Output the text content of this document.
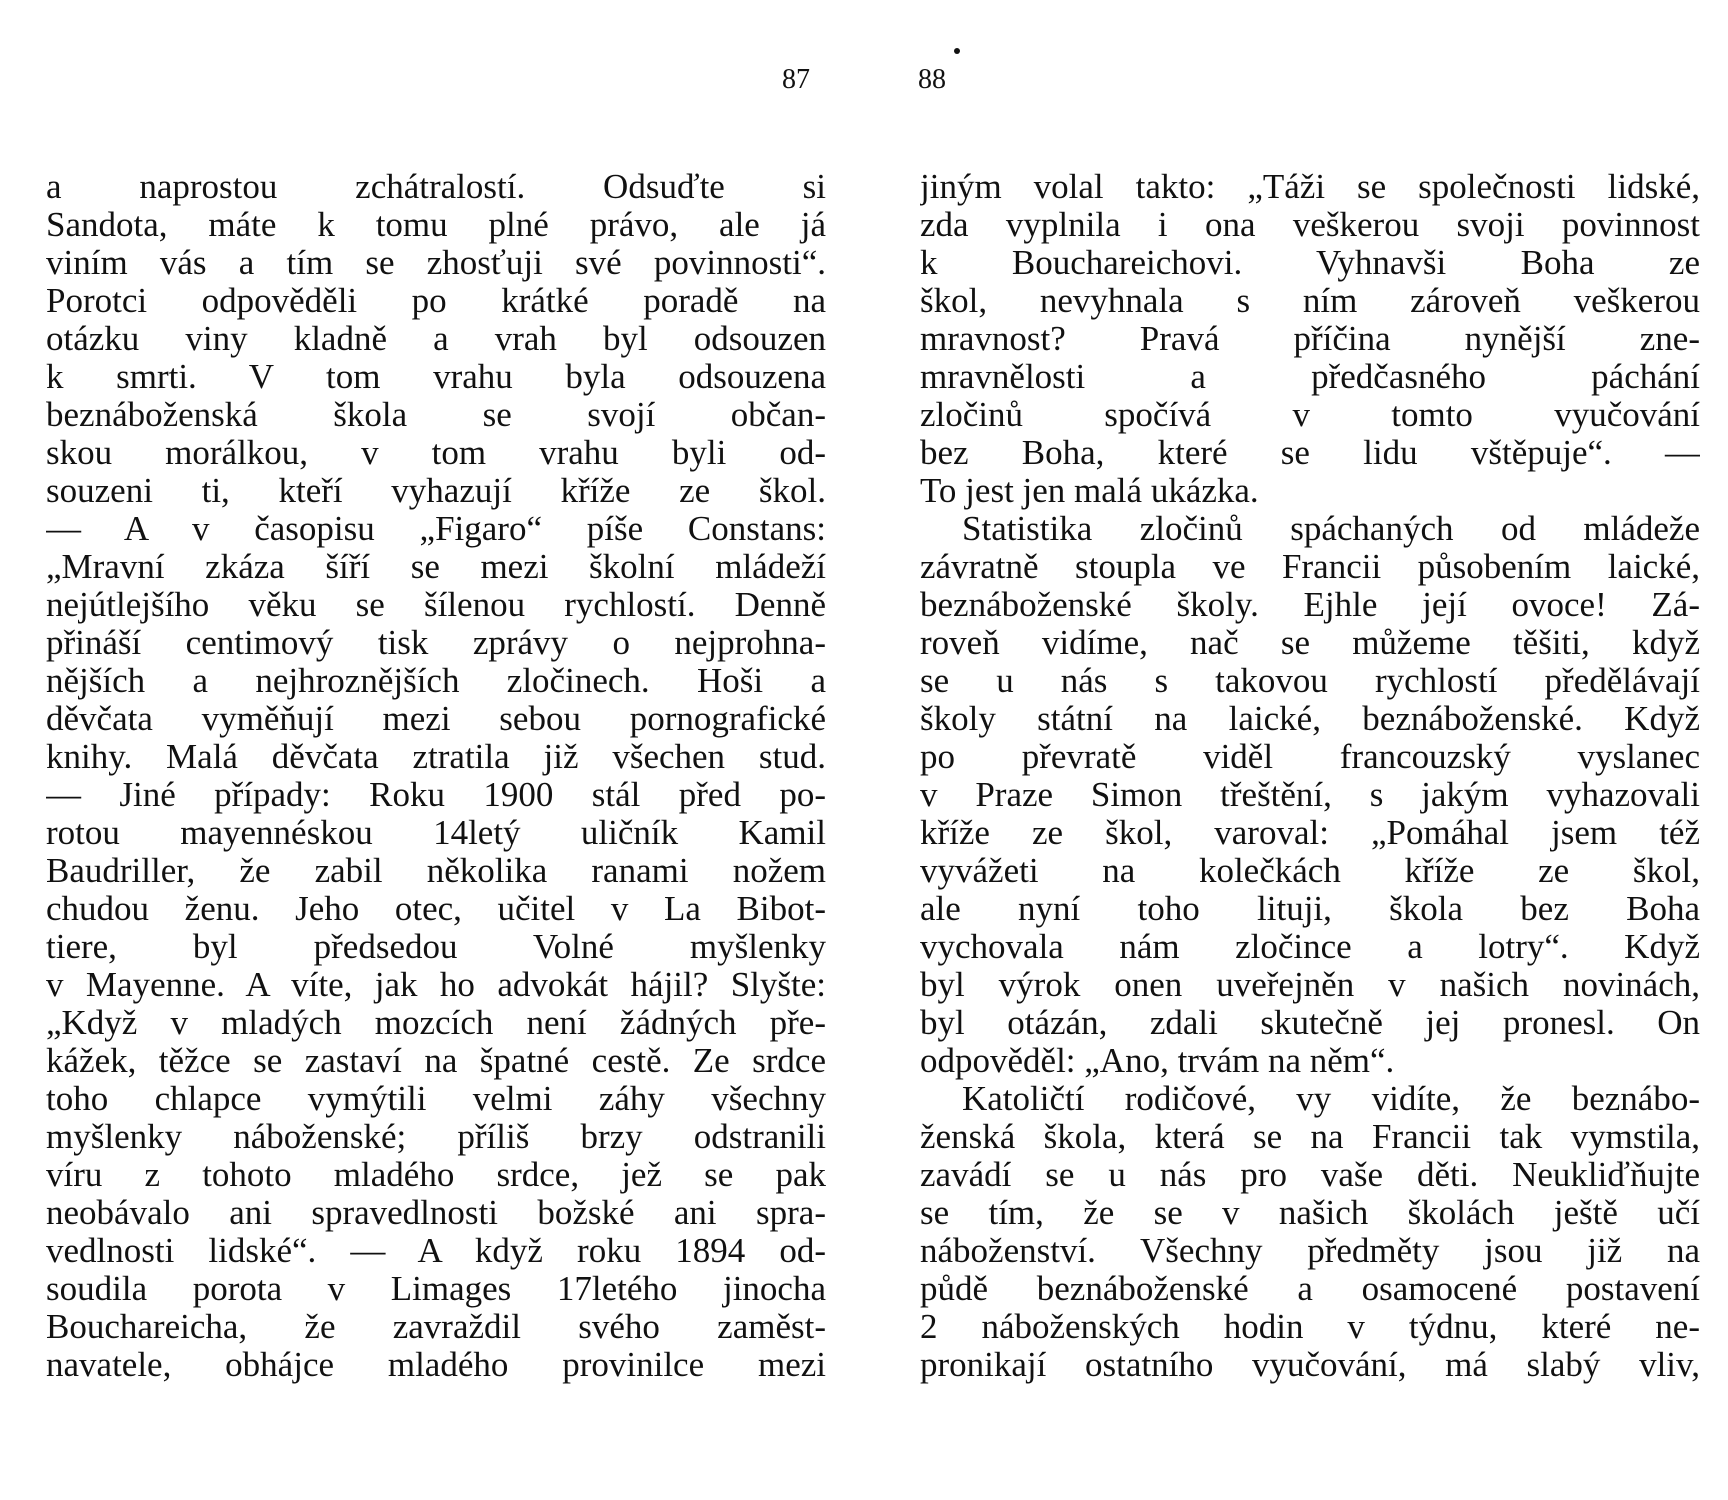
87
a naprostou zchátralostí. Odsuďte si
Sandota, máte k tomu plné právo, ale já
viním vás a tím se zhosťuji své povinnosti“.
Porotci odpověděli po krátké poradě na
otázku viny kladně a vrah byl odsouzen
k smrti. V tom vrahu byla odsouzena
beznáboženská škola se svojí občan-
skou morálkou, v tom vrahu byli od-
souzeni ti, kteří vyhazují kříže ze škol.
— A v časopisu „Figaro“ píše Constans:
„Mravní zkáza šíří se mezi školní mládeží
nejútlejšího věku se šílenou rychlostí. Denně
přináší centimový tisk zprávy o nejprohna-
nějších a nejhroznějších zločinech. Hoši a
děvčata vyměňují mezi sebou pornografické
knihy. Malá děvčata ztratila již všechen stud.
— Jiné případy: Roku 1900 stál před po-
rotou mayennéskou 14letý uličník Kamil
Baudriller, že zabil několika ranami nožem
chudou ženu. Jeho otec, učitel v La Bibot-
tiere, byl předsedou Volné myšlenky
v Mayenne. A víte, jak ho advokát hájil? Slyšte:
„Když v mladých mozcích není žádných pře-
kážek, těžce se zastaví na špatné cestě. Ze srdce
toho chlapce vymýtili velmi záhy všechny
myšlenky náboženské; příliš brzy odstranili
víru z tohoto mladého srdce, jež se pak
neobávalo ani spravedlnosti božské ani spra-
vedlnosti lidské“. — A když roku 1894 od-
soudila porota v Limages 17letého jinocha
Bouchareicha, že zavraždil svého zaměst-
navatele, obhájce mladého provinilce mezi
88
jiným volal takto: „Táži se společnosti lidské,
zda vyplnila i ona veškerou svoji povinnost
k Bouchareichovi. Vyhnavši Boha ze
škol, nevyhnala s ním zároveň veškerou
mravnost? Pravá příčina nynější zne-
mravnělosti a předčasného páchání
zločinů spočívá v tomto vyučování
bez Boha, které se lidu vštěpuje“. —
To jest jen malá ukázka.
Statistika zločinů spáchaných od mládeže
závratně stoupla ve Francii působením laické,
beznáboženské školy. Ejhle její ovoce! Zá-
roveň vidíme, nač se můžeme těšiti, když
se u nás s takovou rychlostí předělávají
školy státní na laické, beznáboženské. Když
po převratě viděl francouzský vyslanec
v Praze Simon třeštění, s jakým vyhazovali
kříže ze škol, varoval: „Pomáhal jsem též
vyvážeti na kolečkách kříže ze škol,
ale nyní toho lituji, škola bez Boha
vychovala nám zločince a lotry“. Když
byl výrok onen uveřejněn v našich novinách,
byl otázán, zdali skutečně jej pronesl. On
odpověděl: „Ano, trvám na něm“.
Katoličtí rodičové, vy vidíte, že beznábo-
ženská škola, která se na Francii tak vymstila,
zavádí se u nás pro vaše děti. Neukliďňujte
se tím, že se v našich školách ještě učí
náboženství. Všechny předměty jsou již na
půdě beznáboženské a osamocené postavení
2 náboženských hodin v týdnu, které ne-
pronikají ostatního vyučování, má slabý vliv,
